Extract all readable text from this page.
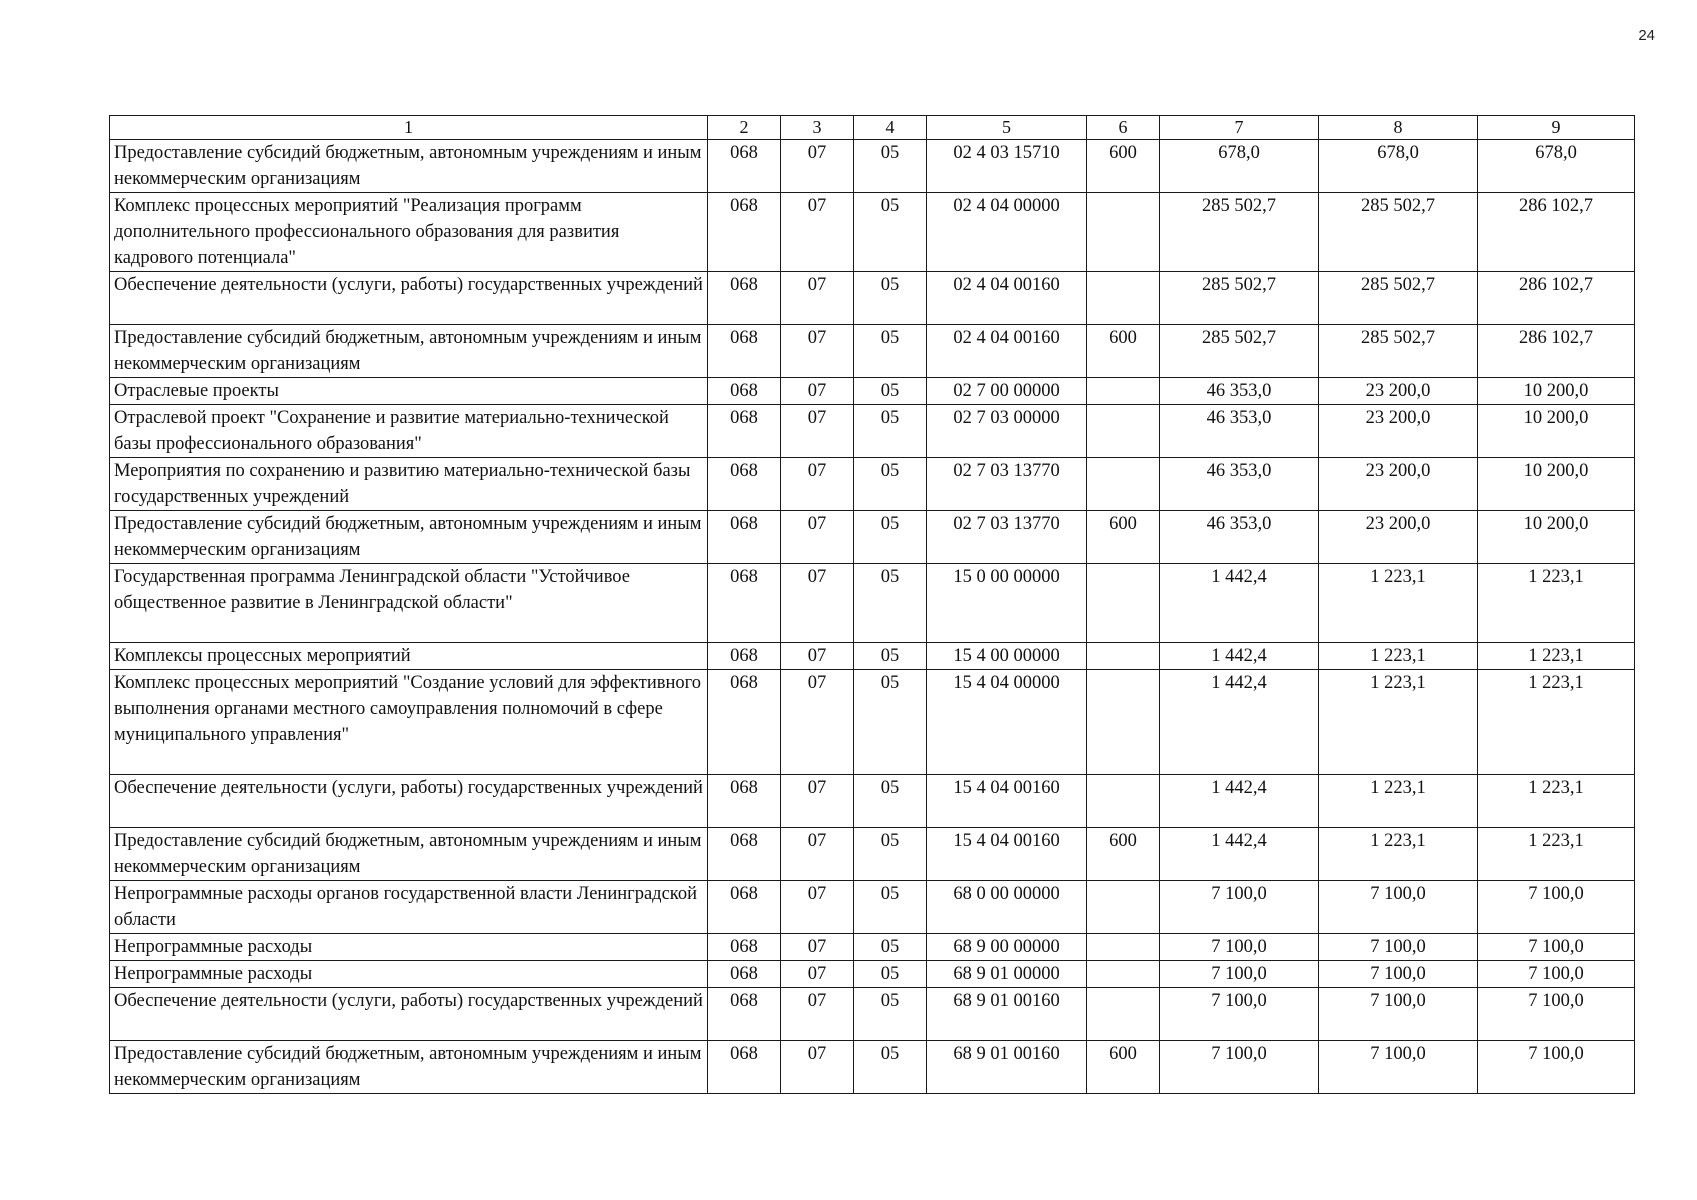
24
1	2	3	4	5	6	7	8	9
Предоставление субсидий бюджетным, автономным учреждениям и иным некоммерческим организациям	068	07	05	02 4 03 15710	600	678,0	678,0	678,0
Комплекс процессных мероприятий "Реализация программ дополнительного профессионального образования для развития кадрового потенциала"	068	07	05	02 4 04 00000		285 502,7	285 502,7	286 102,7
Обеспечение деятельности (услуги, работы) государственных учреждений	068	07	05	02 4 04 00160		285 502,7	285 502,7	286 102,7
Предоставление субсидий бюджетным, автономным учреждениям и иным некоммерческим организациям	068	07	05	02 4 04 00160	600	285 502,7	285 502,7	286 102,7
Отраслевые проекты	068	07	05	02 7 00 00000		46 353,0	23 200,0	10 200,0
Отраслевой проект "Сохранение и развитие материально-технической базы профессионального образования"	068	07	05	02 7 03 00000		46 353,0	23 200,0	10 200,0
Мероприятия по сохранению и развитию материально-технической базы государственных учреждений	068	07	05	02 7 03 13770		46 353,0	23 200,0	10 200,0
Предоставление субсидий бюджетным, автономным учреждениям и иным некоммерческим организациям	068	07	05	02 7 03 13770	600	46 353,0	23 200,0	10 200,0
Государственная программа Ленинградской области "Устойчивое общественное развитие в Ленинградской области"	068	07	05	15 0 00 00000		1 442,4	1 223,1	1 223,1
Комплексы процессных мероприятий	068	07	05	15 4 00 00000		1 442,4	1 223,1	1 223,1
Комплекс процессных мероприятий "Создание условий для эффективного выполнения органами местного самоуправления полномочий в сфере муниципального управления"	068	07	05	15 4 04 00000		1 442,4	1 223,1	1 223,1
Обеспечение деятельности (услуги, работы) государственных учреждений	068	07	05	15 4 04 00160		1 442,4	1 223,1	1 223,1
Предоставление субсидий бюджетным, автономным учреждениям и иным некоммерческим организациям	068	07	05	15 4 04 00160	600	1 442,4	1 223,1	1 223,1
Непрограммные расходы органов государственной власти Ленинградской области	068	07	05	68 0 00 00000		7 100,0	7 100,0	7 100,0
Непрограммные расходы	068	07	05	68 9 00 00000		7 100,0	7 100,0	7 100,0
Непрограммные расходы	068	07	05	68 9 01 00000		7 100,0	7 100,0	7 100,0
Обеспечение деятельности (услуги, работы) государственных учреждений	068	07	05	68 9 01 00160		7 100,0	7 100,0	7 100,0
Предоставление субсидий бюджетным, автономным учреждениям и иным некоммерческим организациям	068	07	05	68 9 01 00160	600	7 100,0	7 100,0	7 100,0
